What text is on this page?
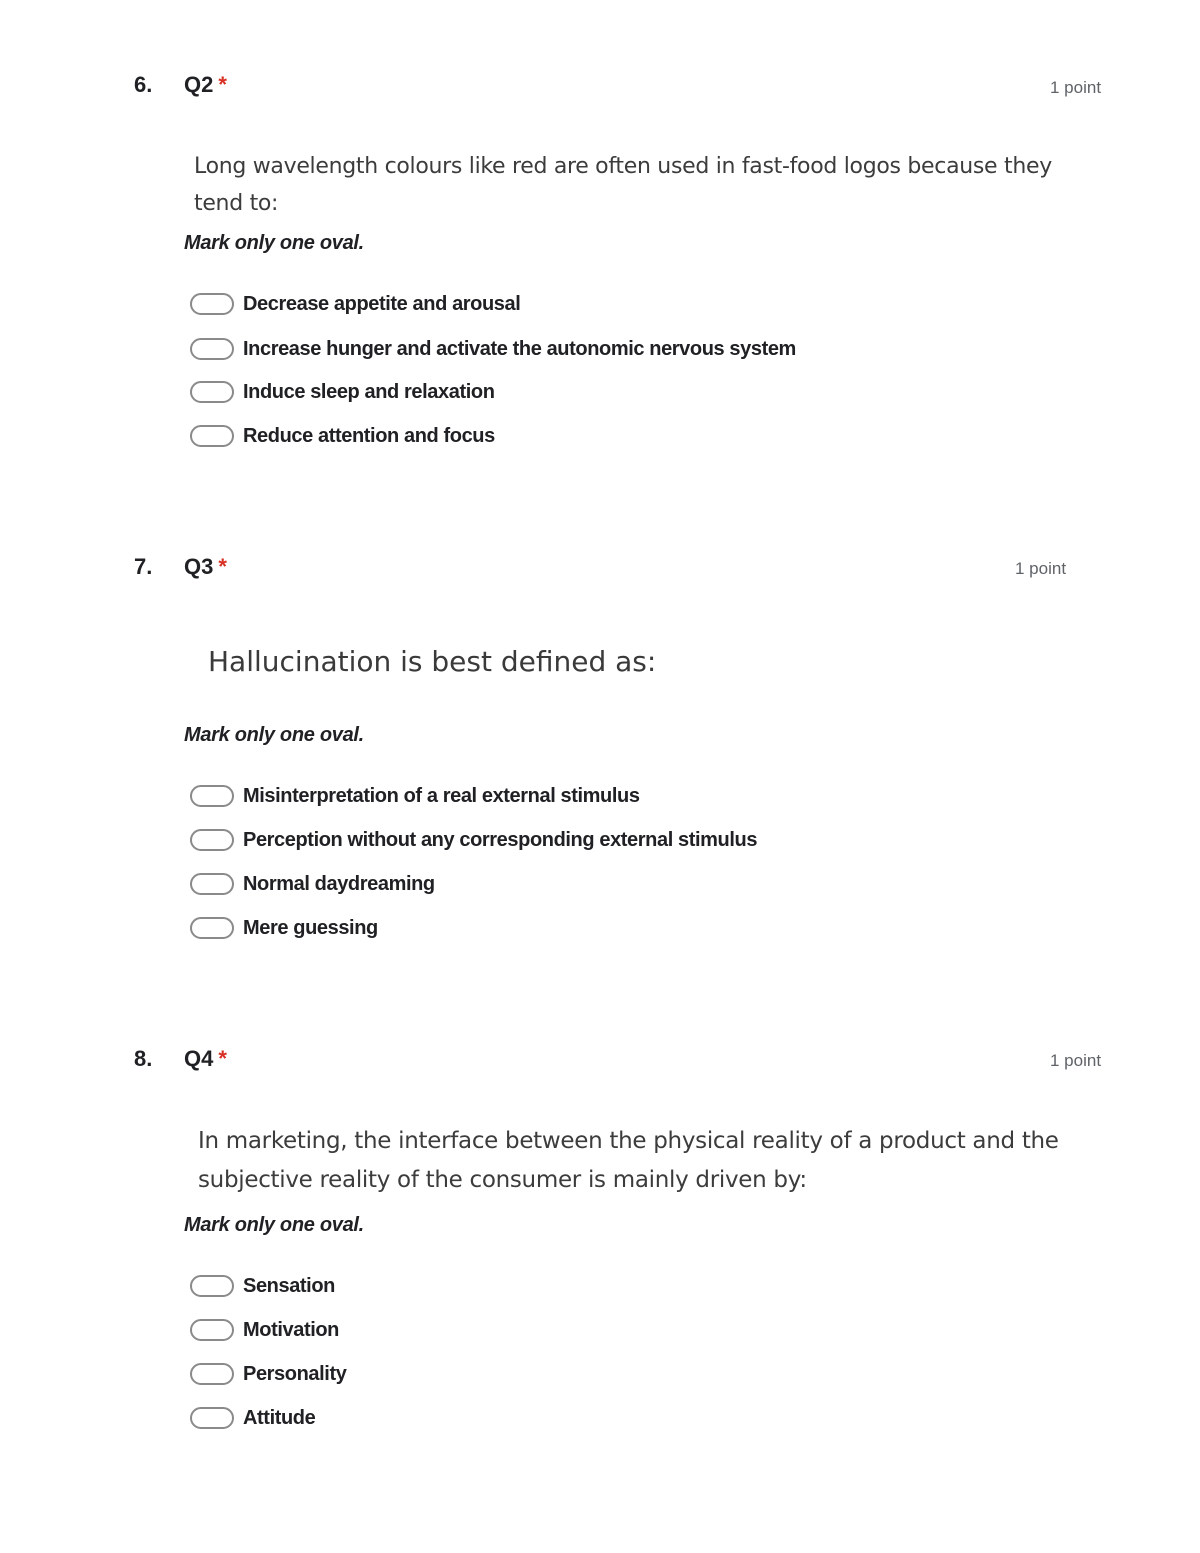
6. Q2 *	1 point
Long wavelength colours like red are often used in fast-food logos because they tend to:
Mark only one oval.
Decrease appetite and arousal
Increase hunger and activate the autonomic nervous system
Induce sleep and relaxation
Reduce attention and focus
7. Q3 *	1 point
Hallucination is best defined as:
Mark only one oval.
Misinterpretation of a real external stimulus
Perception without any corresponding external stimulus
Normal daydreaming
Mere guessing
8. Q4 *	1 point
In marketing, the interface between the physical reality of a product and the subjective reality of the consumer is mainly driven by:
Mark only one oval.
Sensation
Motivation
Personality
Attitude
